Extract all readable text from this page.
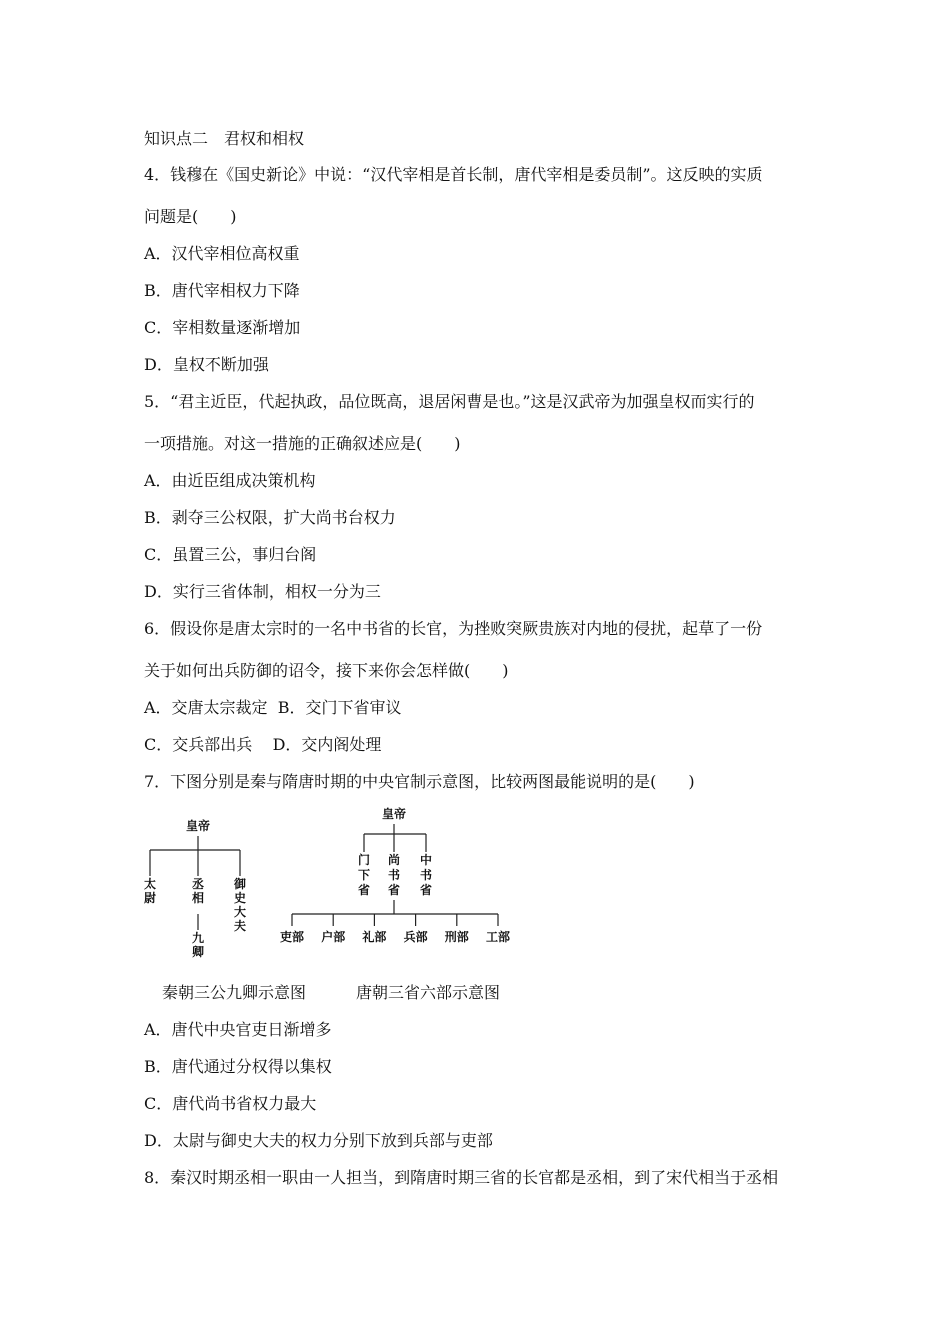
知识点二　君权和相权
4．钱穆在《国史新论》中说：“汉代宰相是首长制，唐代宰相是委员制”。这反映的实质
问题是(　　)
A．汉代宰相位高权重
B．唐代宰相权力下降
C．宰相数量逐渐增加
D．皇权不断加强
5．“君主近臣，代起执政，品位既高，退居闲曹是也。”这是汉武帝为加强皇权而实行的
一项措施。对这一措施的正确叙述应是(　　)
A．由近臣组成决策机构
B．剥夺三公权限，扩大尚书台权力
C．虽置三公，事归台阁
D．实行三省体制，相权一分为三
6．假设你是唐太宗时的一名中书省的长官，为挫败突厥贵族对内地的侵扰，起草了一份
关于如何出兵防御的诏令，接下来你会怎样做(　　)
A．交唐太宗裁定  B．交门下省审议
C．交兵部出兵    D．交内阁处理
7．下图分别是秦与隋唐时期的中央官制示意图，比较两图最能说明的是(　　)
皇帝
太尉
丞相
九卿
御史大夫
皇帝
门下省
尚书省
中书省
吏部 户部 礼部 兵部 刑部 工部
秦朝三公九卿示意图	唐朝三省六部示意图
A．唐代中央官吏日渐增多
B．唐代通过分权得以集权
C．唐代尚书省权力最大
D．太尉与御史大夫的权力分别下放到兵部与吏部
8．秦汉时期丞相一职由一人担当，到隋唐时期三省的长官都是丞相，到了宋代相当于丞相
